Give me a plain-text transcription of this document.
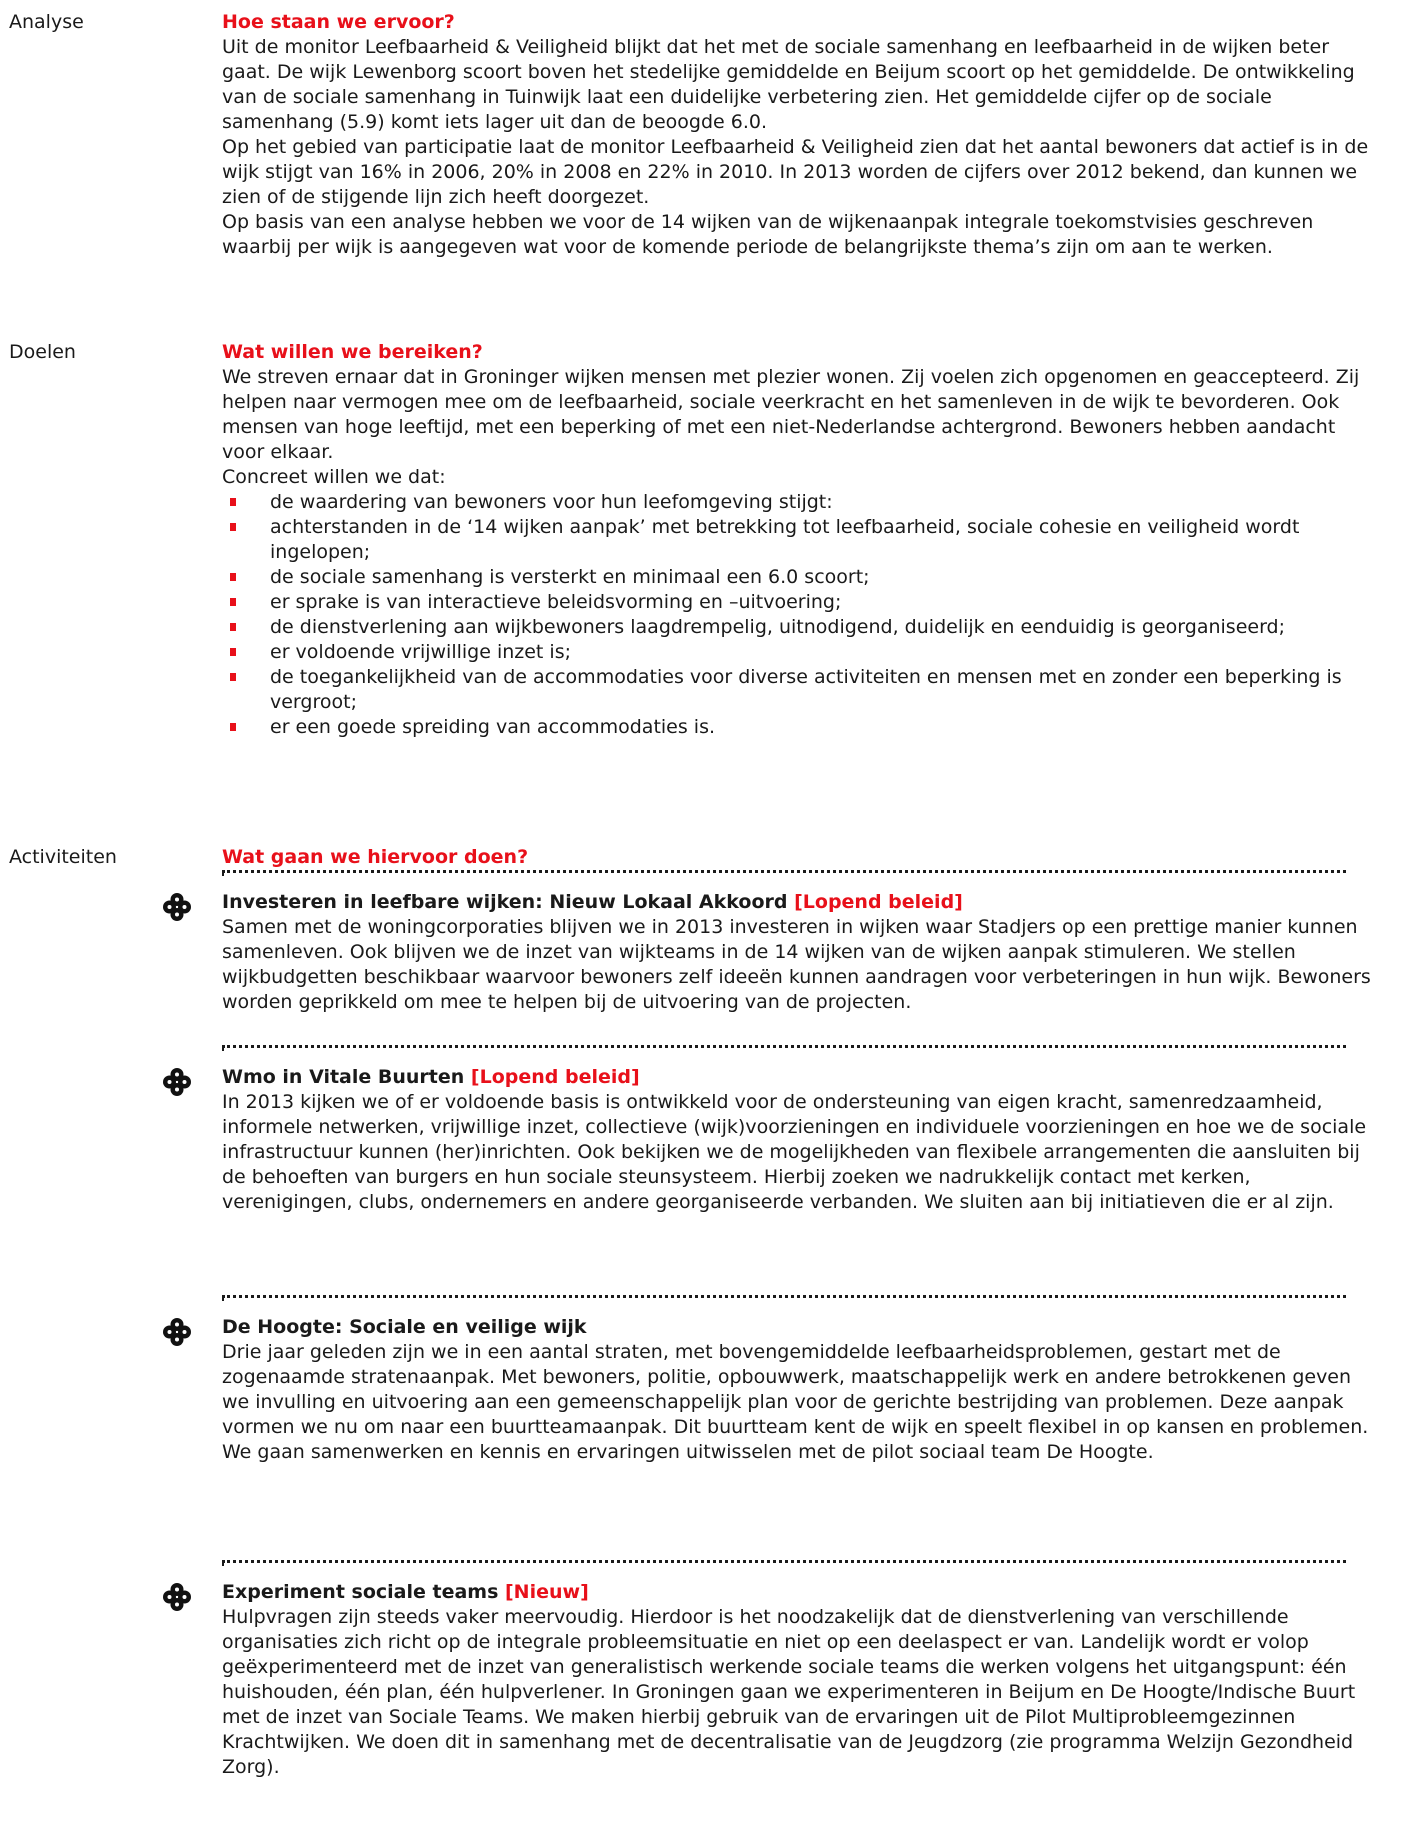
Analyse	Hoe staan we ervoor?

Uit de monitor Leefbaarheid & Veiligheid blijkt dat het met de sociale samenhang en leefbaarheid in de wijken beter gaat. De wijk Lewenborg scoort boven het stedelijke gemiddelde en Beijum scoort op het gemiddelde. De ontwikkeling van de sociale samenhang in Tuinwijk laat een duidelijke verbetering zien. Het gemiddelde cijfer op de sociale samenhang (5.9) komt iets lager uit dan de beoogde 6.0.

Op het gebied van participatie laat de monitor Leefbaarheid & Veiligheid zien dat het aantal bewoners dat actief is in de wijk stijgt van 16% in 2006, 20% in 2008 en 22% in 2010. In 2013 worden de cijfers over 2012 bekend, dan kunnen we zien of de stijgende lijn zich heeft doorgezet.

Op basis van een analyse hebben we voor de 14 wijken van de wijkenaanpak integrale toekomstvisies geschreven waarbij per wijk is aangegeven wat voor de komende periode de belangrijkste thema’s zijn om aan te werken.

Doelen	Wat willen we bereiken?

We streven ernaar dat in Groninger wijken mensen met plezier wonen. Zij voelen zich opgenomen en geaccepteerd. Zij helpen naar vermogen mee om de leefbaarheid, sociale veerkracht en het samenleven in de wijk te bevorderen. Ook mensen van hoge leeftijd, met een beperking of met een niet-Nederlandse achtergrond. Bewoners hebben aandacht voor elkaar.

Concreet willen we dat:

de waardering van bewoners voor hun leefomgeving stijgt:
achterstanden in de ‘14 wijken aanpak’ met betrekking tot leefbaarheid, sociale cohesie en veiligheid wordt ingelopen;
de sociale samenhang is versterkt en minimaal een 6.0 scoort;
er sprake is van interactieve beleidsvorming en –uitvoering;
de dienstverlening aan wijkbewoners laagdrempelig, uitnodigend, duidelijk en eenduidig is georganiseerd;
er voldoende vrijwillige inzet is;
de toegankelijkheid van de accommodaties voor diverse activiteiten en mensen met en zonder een beperking is vergroot;
er een goede spreiding van accommodaties is.
Activiteiten	Wat gaan we hiervoor doen?
Investeren in leefbare wijken: Nieuw Lokaal Akkoord [Lopend beleid]

Samen met de woningcorporaties blijven we in 2013 investeren in wijken waar Stadjers op een prettige manier kunnen samenleven. Ook blijven we de inzet van wijkteams in de 14 wijken van de wijken aanpak stimuleren. We stellen wijkbudgetten beschikbaar waarvoor bewoners zelf ideeën kunnen aandragen voor verbeteringen in hun wijk. Bewoners worden geprikkeld om mee te helpen bij de uitvoering van de projecten.

Wmo in Vitale Buurten [Lopend beleid]

In 2013 kijken we of er voldoende basis is ontwikkeld voor de ondersteuning van eigen kracht, samenredzaamheid, informele netwerken, vrijwillige inzet, collectieve (wijk)voorzieningen en individuele voorzieningen en hoe we de sociale infrastructuur kunnen (her)inrichten. Ook bekijken we de mogelijkheden van flexibele arrangementen die aansluiten bij de behoeften van burgers en hun sociale steunsysteem. Hierbij zoeken we nadrukkelijk contact met kerken, verenigingen, clubs, ondernemers en andere georganiseerde verbanden. We sluiten aan bij initiatieven die er al zijn.

De Hoogte: Sociale en veilige wijk

Drie jaar geleden zijn we in een aantal straten, met bovengemiddelde leefbaarheidsproblemen, gestart met de zogenaamde stratenaanpak. Met bewoners, politie, opbouwwerk, maatschappelijk werk en andere betrokkenen geven we invulling en uitvoering aan een gemeenschappelijk plan voor de gerichte bestrijding van problemen. Deze aanpak vormen we nu om naar een buurtteamaanpak. Dit buurtteam kent de wijk en speelt flexibel in op kansen en problemen. We gaan samenwerken en kennis en ervaringen uitwisselen met de pilot sociaal team De Hoogte.

Experiment sociale teams [Nieuw]

Hulpvragen zijn steeds vaker meervoudig. Hierdoor is het noodzakelijk dat de dienstverlening van verschillende organisaties zich richt op de integrale probleemsituatie en niet op een deelaspect er van. Landelijk wordt er volop geëxperimenteerd met de inzet van generalistisch werkende sociale teams die werken volgens het uitgangspunt: één huishouden, één plan, één hulpverlener. In Groningen gaan we experimenteren in Beijum en De Hoogte/Indische Buurt met de inzet van Sociale Teams. We maken hierbij gebruik van de ervaringen uit de Pilot Multiprobleemgezinnen Krachtwijken. We doen dit in samenhang met de decentralisatie van de Jeugdzorg (zie programma Welzijn Gezondheid Zorg).
